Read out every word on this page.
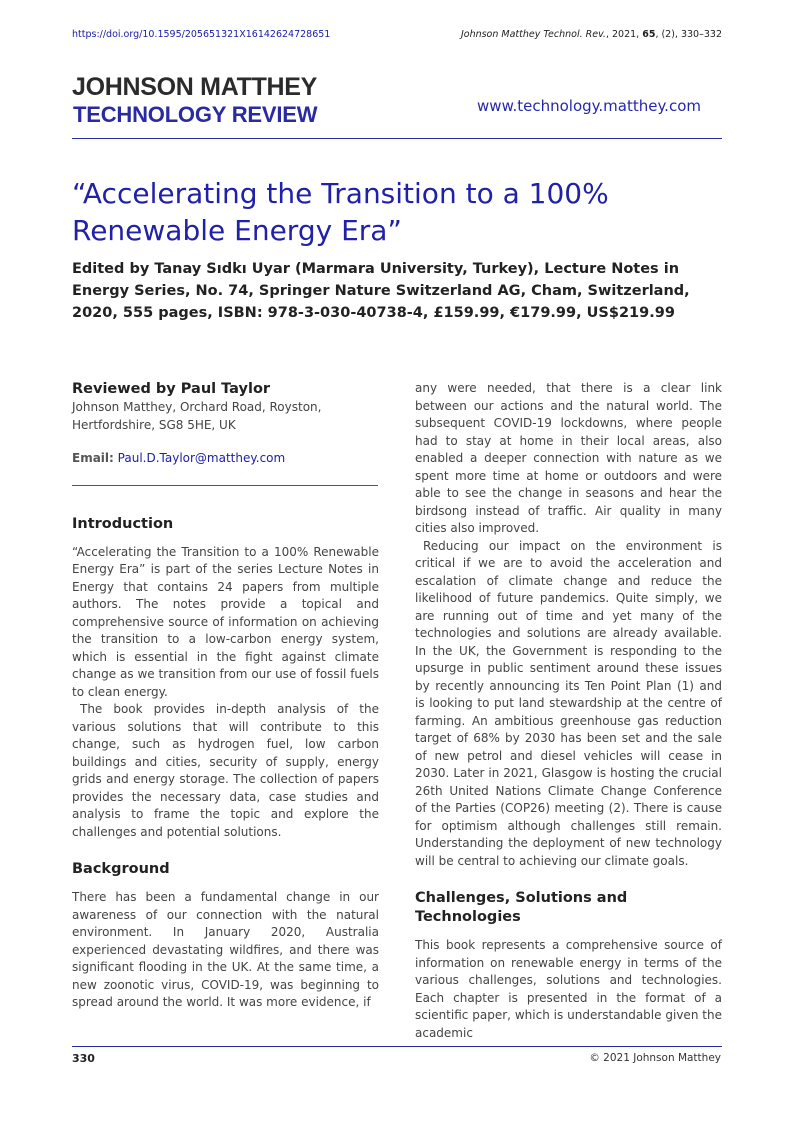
https://doi.org/10.1595/205651321X16142624728651	Johnson Matthey Technol. Rev., 2021, 65, (2), 330–332
JOHNSON MATTHEY
TECHNOLOGY REVIEW	www.technology.matthey.com
“Accelerating the Transition to a 100% Renewable Energy Era”

Edited by Tanay Sıdkı Uyar (Marmara University, Turkey), Lecture Notes in Energy Series, No. 74, Springer Nature Switzerland AG, Cham, Switzerland, 2020, 555 pages, ISBN: 978-3-030-40738-4, £159.99, €179.99, US$219.99

Reviewed by Paul Taylor
Johnson Matthey, Orchard Road, Royston,
Hertfordshire, SG8 5HE, UK
Email: Paul.D.Taylor@matthey.com
Introduction

“Accelerating the Transition to a 100% Renewable Energy Era” is part of the series Lecture Notes in Energy that contains 24 papers from multiple authors. The notes provide a topical and comprehensive source of information on achieving the transition to a low-carbon energy system, which is essential in the fight against climate change as we transition from our use of fossil fuels to clean energy.

The book provides in-depth analysis of the various solutions that will contribute to this change, such as hydrogen fuel, low carbon buildings and cities, security of supply, energy grids and energy storage. The collection of papers provides the necessary data, case studies and analysis to frame the topic and explore the challenges and potential solutions.

Background

There has been a fundamental change in our awareness of our connection with the natural environment. In January 2020, Australia experienced devastating wildfires, and there was significant flooding in the UK. At the same time, a new zoonotic virus, COVID-19, was beginning to spread around the world. It was more evidence, if

any were needed, that there is a clear link between our actions and the natural world. The subsequent COVID-19 lockdowns, where people had to stay at home in their local areas, also enabled a deeper connection with nature as we spent more time at home or outdoors and were able to see the change in seasons and hear the birdsong instead of traffic. Air quality in many cities also improved.

Reducing our impact on the environment is critical if we are to avoid the acceleration and escalation of climate change and reduce the likelihood of future pandemics. Quite simply, we are running out of time and yet many of the technologies and solutions are already available. In the UK, the Government is responding to the upsurge in public sentiment around these issues by recently announcing its Ten Point Plan (1) and is looking to put land stewardship at the centre of farming. An ambitious greenhouse gas reduction target of 68% by 2030 has been set and the sale of new petrol and diesel vehicles will cease in 2030. Later in 2021, Glasgow is hosting the crucial 26th United Nations Climate Change Conference of the Parties (COP26) meeting (2). There is cause for optimism although challenges still remain. Understanding the deployment of new technology will be central to achieving our climate goals.

Challenges, Solutions and
Technologies

This book represents a comprehensive source of information on renewable energy in terms of the various challenges, solutions and technologies. Each chapter is presented in the format of a scientific paper, which is understandable given the academic

330	© 2021 Johnson Matthey
